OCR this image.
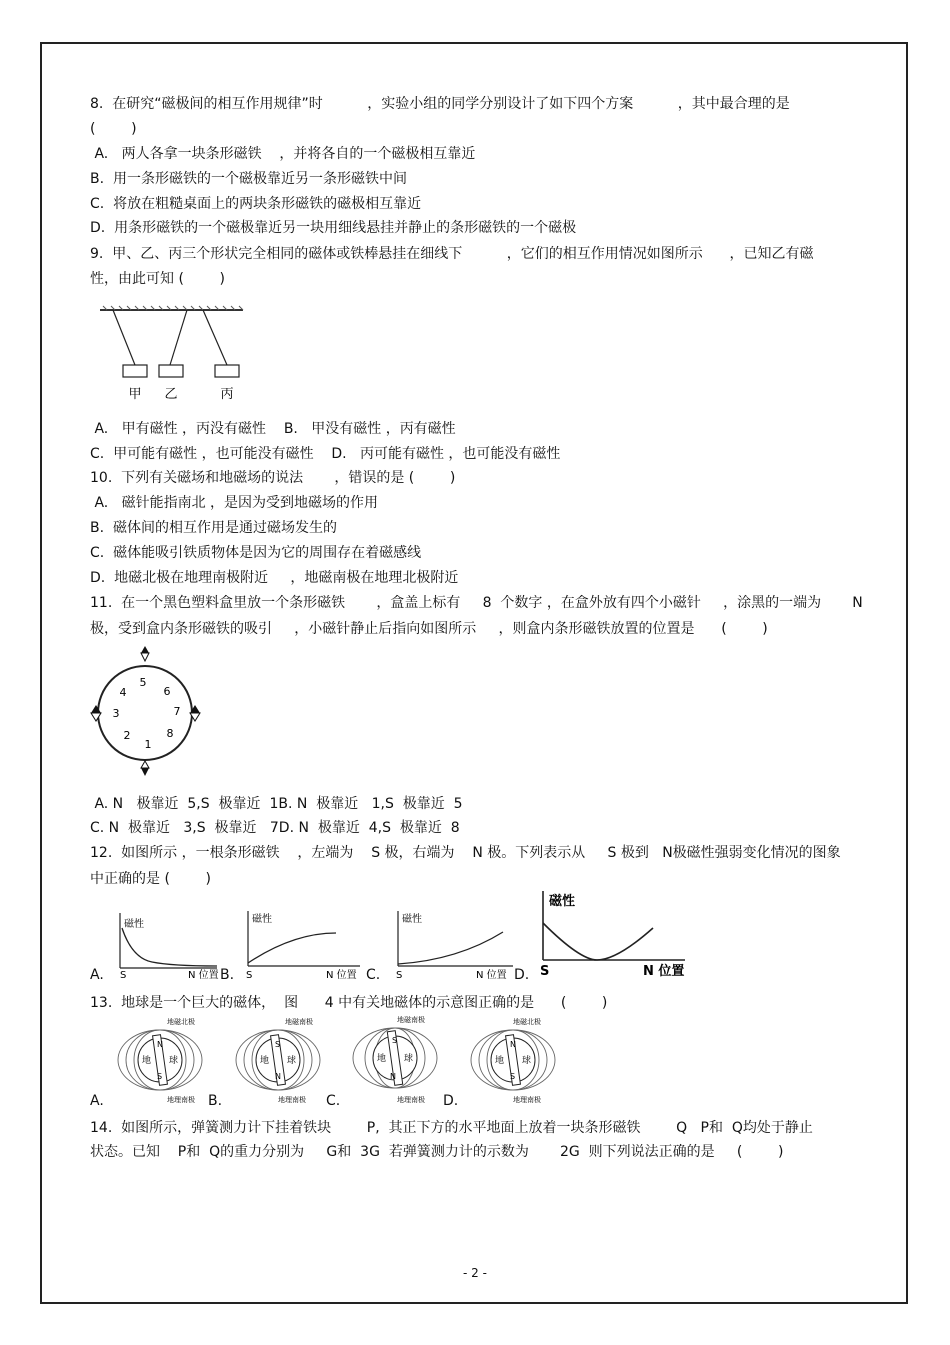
8.  在研究“磁极间的相互作用规律”时          ，实验小组的同学分别设计了如下四个方案          ，其中最合理的是
(        )
A.   两人各拿一块条形磁铁    ，并将各自的一个磁极相互靠近
B.  用一条形磁铁的一个磁极靠近另一条形磁铁中间
C.  将放在粗糙桌面上的两块条形磁铁的磁极相互靠近
D.  用条形磁铁的一个磁极靠近另一块用细线悬挂并静止的条形磁铁的一个磁极
9.  甲、乙、丙三个形状完全相同的磁体或铁棒悬挂在细线下          ，它们的相互作用情况如图所示      ，已知乙有磁
性，由此可知 (        )
甲 乙	丙
A.   甲有磁性 ，丙没有磁性    B.   甲没有磁性 ，丙有磁性
C.  甲可能有磁性 ，也可能没有磁性    D.   丙可能有磁性 ，也可能没有磁性
10.  下列有关磁场和地磁场的说法       ，错误的是 (        )
A.   磁针能指南北 ，是因为受到地磁场的作用
B.  磁体间的相互作用是通过磁场发生的
C.  磁体能吸引铁质物体是因为它的周围存在着磁感线
D.  地磁北极在地理南极附近     ，地磁南极在地理北极附近
11.  在一个黑色塑料盒里放一个条形磁铁       ，盒盖上标有     8  个数字 ，在盒外放有四个小磁针     ，涂黑的一端为       N
极，受到盒内条形磁铁的吸引     ，小磁针静止后指向如图所示     ，则盒内条形磁铁放置的位置是      (        )
1
2
3
4
5
6
7
8
A. N   极靠近  5,S  极靠近  1B. N  极靠近   1,S  极靠近  5
C. N  极靠近   3,S  极靠近   7D. N  极靠近  4,S  极靠近  8
12.  如图所示 ，一根条形磁铁    ，左端为    S 极，右端为    N 极。下列表示从     S 极到   N极磁性强弱变化情况的图象
中正确的是 (        )
磁性
S	N 位置
磁性
S	N 位置
磁性
S	N 位置
磁性
S	N 位置
A.	B.	C.	D.
13.  地球是一个巨大的磁体，  图      4 中有关地磁体的示意图正确的是      (        )
地 球
N
S
地磁北极
地理南极
地 球
S
N
地磁南极
地理南极
地 球
S
N
地磁南极
地理南极
地 球
N
S
地磁北极
地理南极
A.	B.	C.	D.
14.  如图所示，弹簧测力计下挂着铁块        P,  其正下方的水平地面上放着一块条形磁铁        Q   P和  Q均处于静止
状态。已知    P和  Q的重力分别为     G和  3G  若弹簧测力计的示数为       2G  则下列说法正确的是     (        )
- 2 -
